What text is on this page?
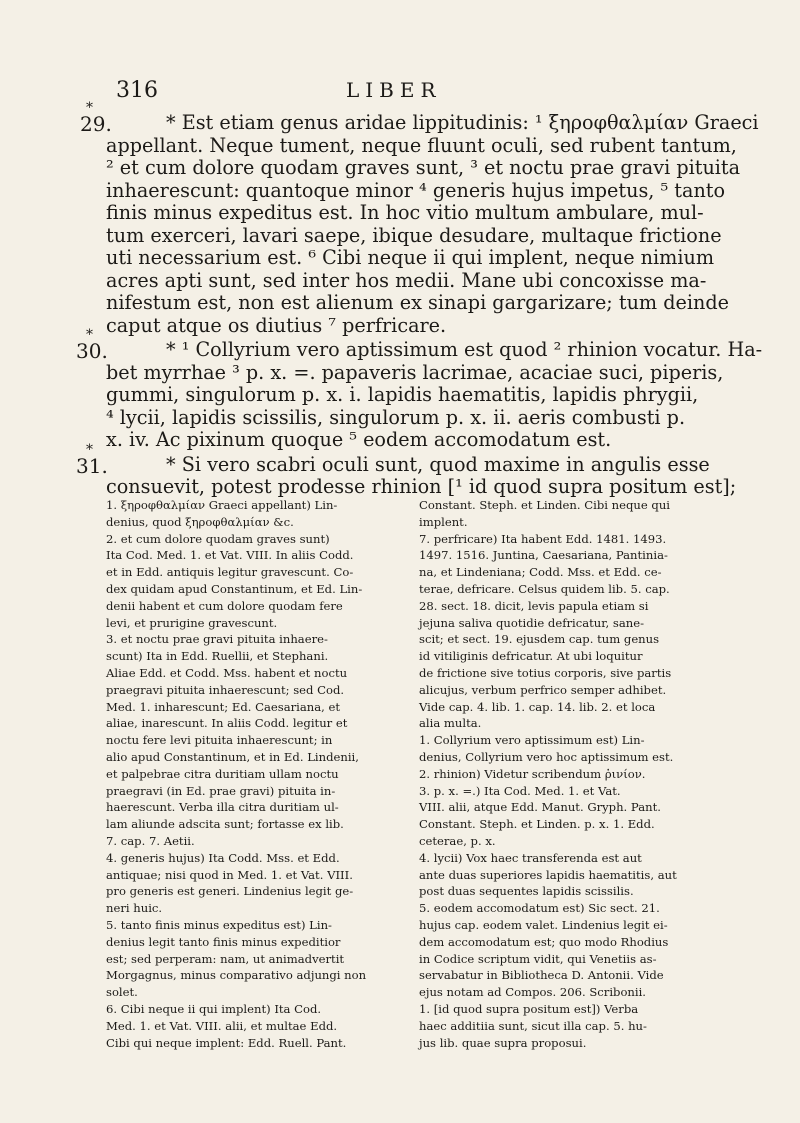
316	LIBER
*
29.	* Est etiam genus aridae lippitudinis: ¹ ξηροφθαλμίαν Graeci
appellant. Neque tument, neque fluunt oculi, sed rubent tantum,
² et cum dolore quodam graves sunt, ³ et noctu prae gravi pituita
inhaerescunt: quantoque minor ⁴ generis hujus impetus, ⁵ tanto
finis minus expeditus est. In hoc vitio multum ambulare, mul-
tum exerceri, lavari saepe, ibique desudare, multaque frictione
uti necessarium est. ⁶ Cibi neque ii qui implent, neque nimium
acres apti sunt, sed inter hos medii. Mane ubi concoxisse ma-
nifestum est, non est alienum ex sinapi gargarizare; tum deinde
caput atque os diutius ⁷ perfricare.
*
30.	* ¹ Collyrium vero aptissimum est quod ² rhinion vocatur. Ha-
bet myrrhae ³ p. x. =. papaveris lacrimae, acaciae suci, piperis,
gummi, singulorum p. x. i. lapidis haematitis, lapidis phrygii,
⁴ lycii, lapidis scissilis, singulorum p. x. ii. aeris combusti p.
x. iv. Ac pixinum quoque ⁵ eodem accomodatum est.
*
31.	* Si vero scabri oculi sunt, quod maxime in angulis esse
consuevit, potest prodesse rhinion [¹ id quod supra positum est];
1. ξηροφθαλμίαν Graeci appellant) Lin-
denius, quod ξηροφθαλμίαν &c.
2. et cum dolore quodam graves sunt)
Ita Cod. Med. 1. et Vat. VIII. In aliis Codd.
et in Edd. antiquis legitur gravescunt. Co-
dex quidam apud Constantinum, et Ed. Lin-
denii habent et cum dolore quodam fere
levi, et prurigine gravescunt.
3. et noctu prae gravi pituita inhaere-
scunt) Ita in Edd. Ruellii, et Stephani.
Aliae Edd. et Codd. Mss. habent et noctu
praegravi pituita inhaerescunt; sed Cod.
Med. 1. inharescunt; Ed. Caesariana, et
aliae, inarescunt. In aliis Codd. legitur et
noctu fere levi pituita inhaerescunt; in
alio apud Constantinum, et in Ed. Lindenii,
et palpebrae citra duritiam ullam noctu
praegravi (in Ed. prae gravi) pituita in-
haerescunt. Verba illa citra duritiam ul-
lam aliunde adscita sunt; fortasse ex lib.
7. cap. 7. Aetii.
4. generis hujus) Ita Codd. Mss. et Edd.
antiquae; nisi quod in Med. 1. et Vat. VIII.
pro generis est generi. Lindenius legit ge-
neri huic.
5. tanto finis minus expeditus est) Lin-
denius legit tanto finis minus expeditior
est; sed perperam: nam, ut animadvertit
Morgagnus, minus comparativo adjungi non
solet.
6. Cibi neque ii qui implent) Ita Cod.
Med. 1. et Vat. VIII. alii, et multae Edd.
Cibi qui neque implent: Edd. Ruell. Pant.
Constant. Steph. et Linden. Cibi neque qui
implent.
7. perfricare) Ita habent Edd. 1481. 1493.
1497. 1516. Juntina, Caesariana, Pantinia-
na, et Lindeniana; Codd. Mss. et Edd. ce-
terae, defricare. Celsus quidem lib. 5. cap.
28. sect. 18. dicit, levis papula etiam si
jejuna saliva quotidie defricatur, sane-
scit; et sect. 19. ejusdem cap. tum genus
id vitiliginis defricatur. At ubi loquitur
de frictione sive totius corporis, sive partis
alicujus, verbum perfrico semper adhibet.
Vide cap. 4. lib. 1. cap. 14. lib. 2. et loca
alia multa.
1. Collyrium vero aptissimum est) Lin-
denius, Collyrium vero hoc aptissimum est.
2. rhinion) Videtur scribendum ῥινίον.
3. p. x. =.) Ita Cod. Med. 1. et Vat.
VIII. alii, atque Edd. Manut. Gryph. Pant.
Constant. Steph. et Linden. p. x. 1. Edd.
ceterae, p. x.
4. lycii) Vox haec transferenda est aut
ante duas superiores lapidis haematitis, aut
post duas sequentes lapidis scissilis.
5. eodem accomodatum est) Sic sect. 21.
hujus cap. eodem valet. Lindenius legit ei-
dem accomodatum est; quo modo Rhodius
in Codice scriptum vidit, qui Venetiis as-
servabatur in Bibliotheca D. Antonii. Vide
ejus notam ad Compos. 206. Scribonii.
1. [id quod supra positum est]) Verba
haec additiia sunt, sicut illa cap. 5. hu-
jus lib. quae supra proposui.
